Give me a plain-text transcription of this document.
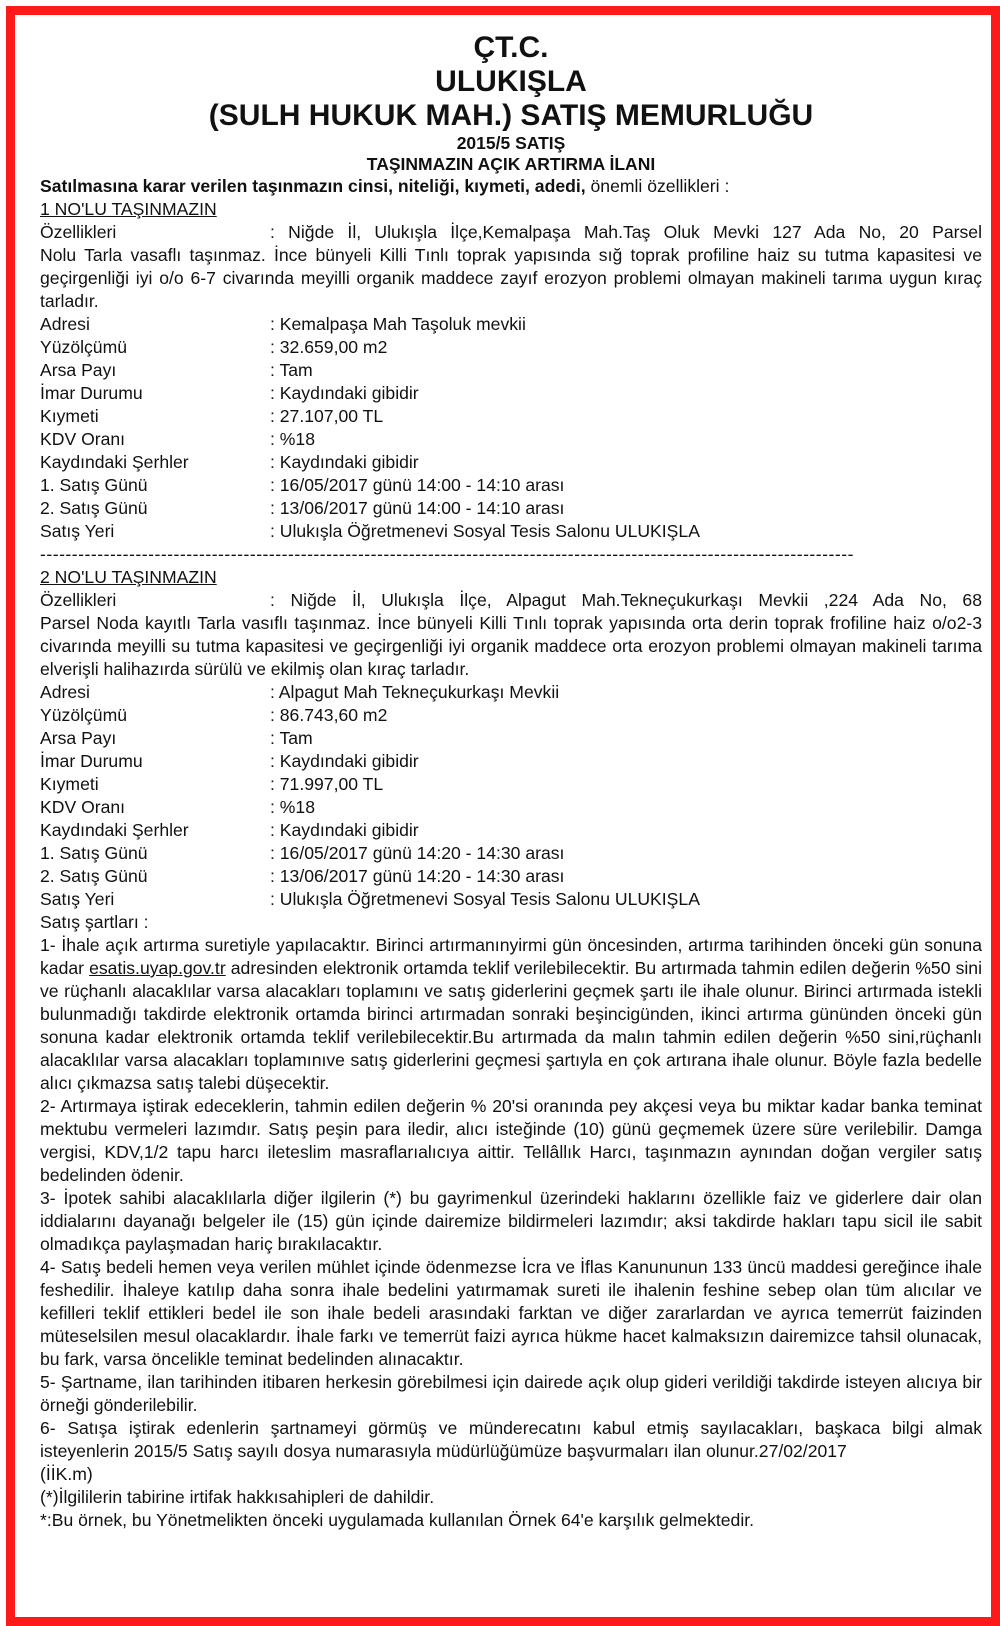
ÇT.C.
ULUKIŞLA
(SULH HUKUK MAH.) SATIŞ MEMURLUĞU
2015/5 SATIŞ
TAŞINMAZIN AÇIK ARTIRMA İLANI
Satılmasına karar verilen taşınmazın cinsi, niteliği, kıymeti, adedi, önemli özellikleri :
1 NO'LU TAŞINMAZIN
Özellikleri	: Niğde İl, Ulukışla İlçe,Kemalpaşa Mah.Taş Oluk Mevki 127 Ada No, 20 Parsel
Nolu Tarla vasaflı taşınmaz. İnce bünyeli Killi Tınlı toprak yapısında sığ toprak profiline haiz su tutma kapasitesi ve geçirgenliği iyi o/o 6-7 civarında meyilli organik maddece zayıf erozyon problemi olmayan makineli tarıma uygun kıraç tarladır.
Adresi	: Kemalpaşa Mah Taşoluk mevkii
Yüzölçümü	: 32.659,00 m2
Arsa Payı	: Tam
İmar Durumu	: Kaydındaki gibidir
Kıymeti	: 27.107,00 TL
KDV Oranı	: %18
Kaydındaki Şerhler	: Kaydındaki gibidir
1. Satış Günü	: 16/05/2017 günü 14:00 - 14:10 arası
2. Satış Günü	: 13/06/2017 günü 14:00 - 14:10 arası
Satış Yeri	: Ulukışla Öğretmenevi Sosyal Tesis Salonu ULUKIŞLA
--------------------------------------------------------------------------------------------------------------------------------
2 NO'LU TAŞINMAZIN
Özellikleri	: Niğde İl, Ulukışla İlçe, Alpagut Mah.Tekneçukurkaşı Mevkii ,224 Ada No, 68
Parsel Noda kayıtlı Tarla vasıflı taşınmaz. İnce bünyeli Killi Tınlı toprak yapısında orta derin toprak frofiline haiz o/o2-3 civarında meyilli su tutma kapasitesi ve geçirgenliği iyi organik maddece orta erozyon problemi olmayan makineli tarıma elverişli halihazırda sürülü ve ekilmiş olan kıraç tarladır.
Adresi	: Alpagut Mah Tekneçukurkaşı Mevkii
Yüzölçümü	: 86.743,60 m2
Arsa Payı	: Tam
İmar Durumu	: Kaydındaki gibidir
Kıymeti	: 71.997,00 TL
KDV Oranı	: %18
Kaydındaki Şerhler	: Kaydındaki gibidir
1. Satış Günü	: 16/05/2017 günü 14:20 - 14:30 arası
2. Satış Günü	: 13/06/2017 günü 14:20 - 14:30 arası
Satış Yeri	: Ulukışla Öğretmenevi Sosyal Tesis Salonu ULUKIŞLA
Satış şartları :
1- İhale açık artırma suretiyle yapılacaktır. Birinci artırmanınyirmi gün öncesinden, artırma tarihinden önceki gün sonuna kadar esatis.uyap.gov.tr adresinden elektronik ortamda teklif verilebilecektir. Bu artırmada tahmin edilen değerin %50 sini ve rüçhanlı alacaklılar varsa alacakları toplamını ve satış giderlerini geçmek şartı ile ihale olunur. Birinci artırmada istekli bulunmadığı takdirde elektronik ortamda birinci artırmadan sonraki beşincigünden, ikinci artırma gününden önceki gün sonuna kadar elektronik ortamda teklif verilebilecektir.Bu artırmada da malın tahmin edilen değerin %50 sini,rüçhanlı alacaklılar varsa alacakları toplamınıve satış giderlerini geçmesi şartıyla en çok artırana ihale olunur. Böyle fazla bedelle alıcı çıkmazsa satış talebi düşecektir.
2- Artırmaya iştirak edeceklerin, tahmin edilen değerin % 20'si oranında pey akçesi veya bu miktar kadar banka teminat mektubu vermeleri lazımdır. Satış peşin para iledir, alıcı isteğinde (10) günü geçmemek üzere süre verilebilir. Damga vergisi, KDV,1/2 tapu harcı ileteslim masraflarıalıcıya aittir. Tellâllık Harcı, taşınmazın aynından doğan vergiler satış bedelinden ödenir.
3- İpotek sahibi alacaklılarla diğer ilgilerin (*) bu gayrimenkul üzerindeki haklarını özellikle faiz ve giderlere dair olan iddialarını dayanağı belgeler ile (15) gün içinde dairemize bildirmeleri lazımdır; aksi takdirde hakları tapu sicil ile sabit olmadıkça paylaşmadan hariç bırakılacaktır.
4- Satış bedeli hemen veya verilen mühlet içinde ödenmezse İcra ve İflas Kanununun 133 üncü maddesi gereğince ihale feshedilir. İhaleye katılıp daha sonra ihale bedelini yatırmamak sureti ile ihalenin feshine sebep olan tüm alıcılar ve kefilleri teklif ettikleri bedel ile son ihale bedeli arasındaki farktan ve diğer zararlardan ve ayrıca temerrüt faizinden müteselsilen mesul olacaklardır. İhale farkı ve temerrüt faizi ayrıca hükme hacet kalmaksızın dairemizce tahsil olunacak, bu fark, varsa öncelikle teminat bedelinden alınacaktır.
5- Şartname, ilan tarihinden itibaren herkesin görebilmesi için dairede açık olup gideri verildiği takdirde isteyen alıcıya bir örneği gönderilebilir.
6- Satışa iştirak edenlerin şartnameyi görmüş ve münderecatını kabul etmiş sayılacakları, başkaca bilgi almak isteyenlerin 2015/5 Satış sayılı dosya numarasıyla müdürlüğümüze başvurmaları ilan olunur.27/02/2017
(İİK.m)
(*)İlgililerin tabirine irtifak hakkısahipleri de dahildir.
*:Bu örnek, bu Yönetmelikten önceki uygulamada kullanılan Örnek 64'e karşılık gelmektedir.
